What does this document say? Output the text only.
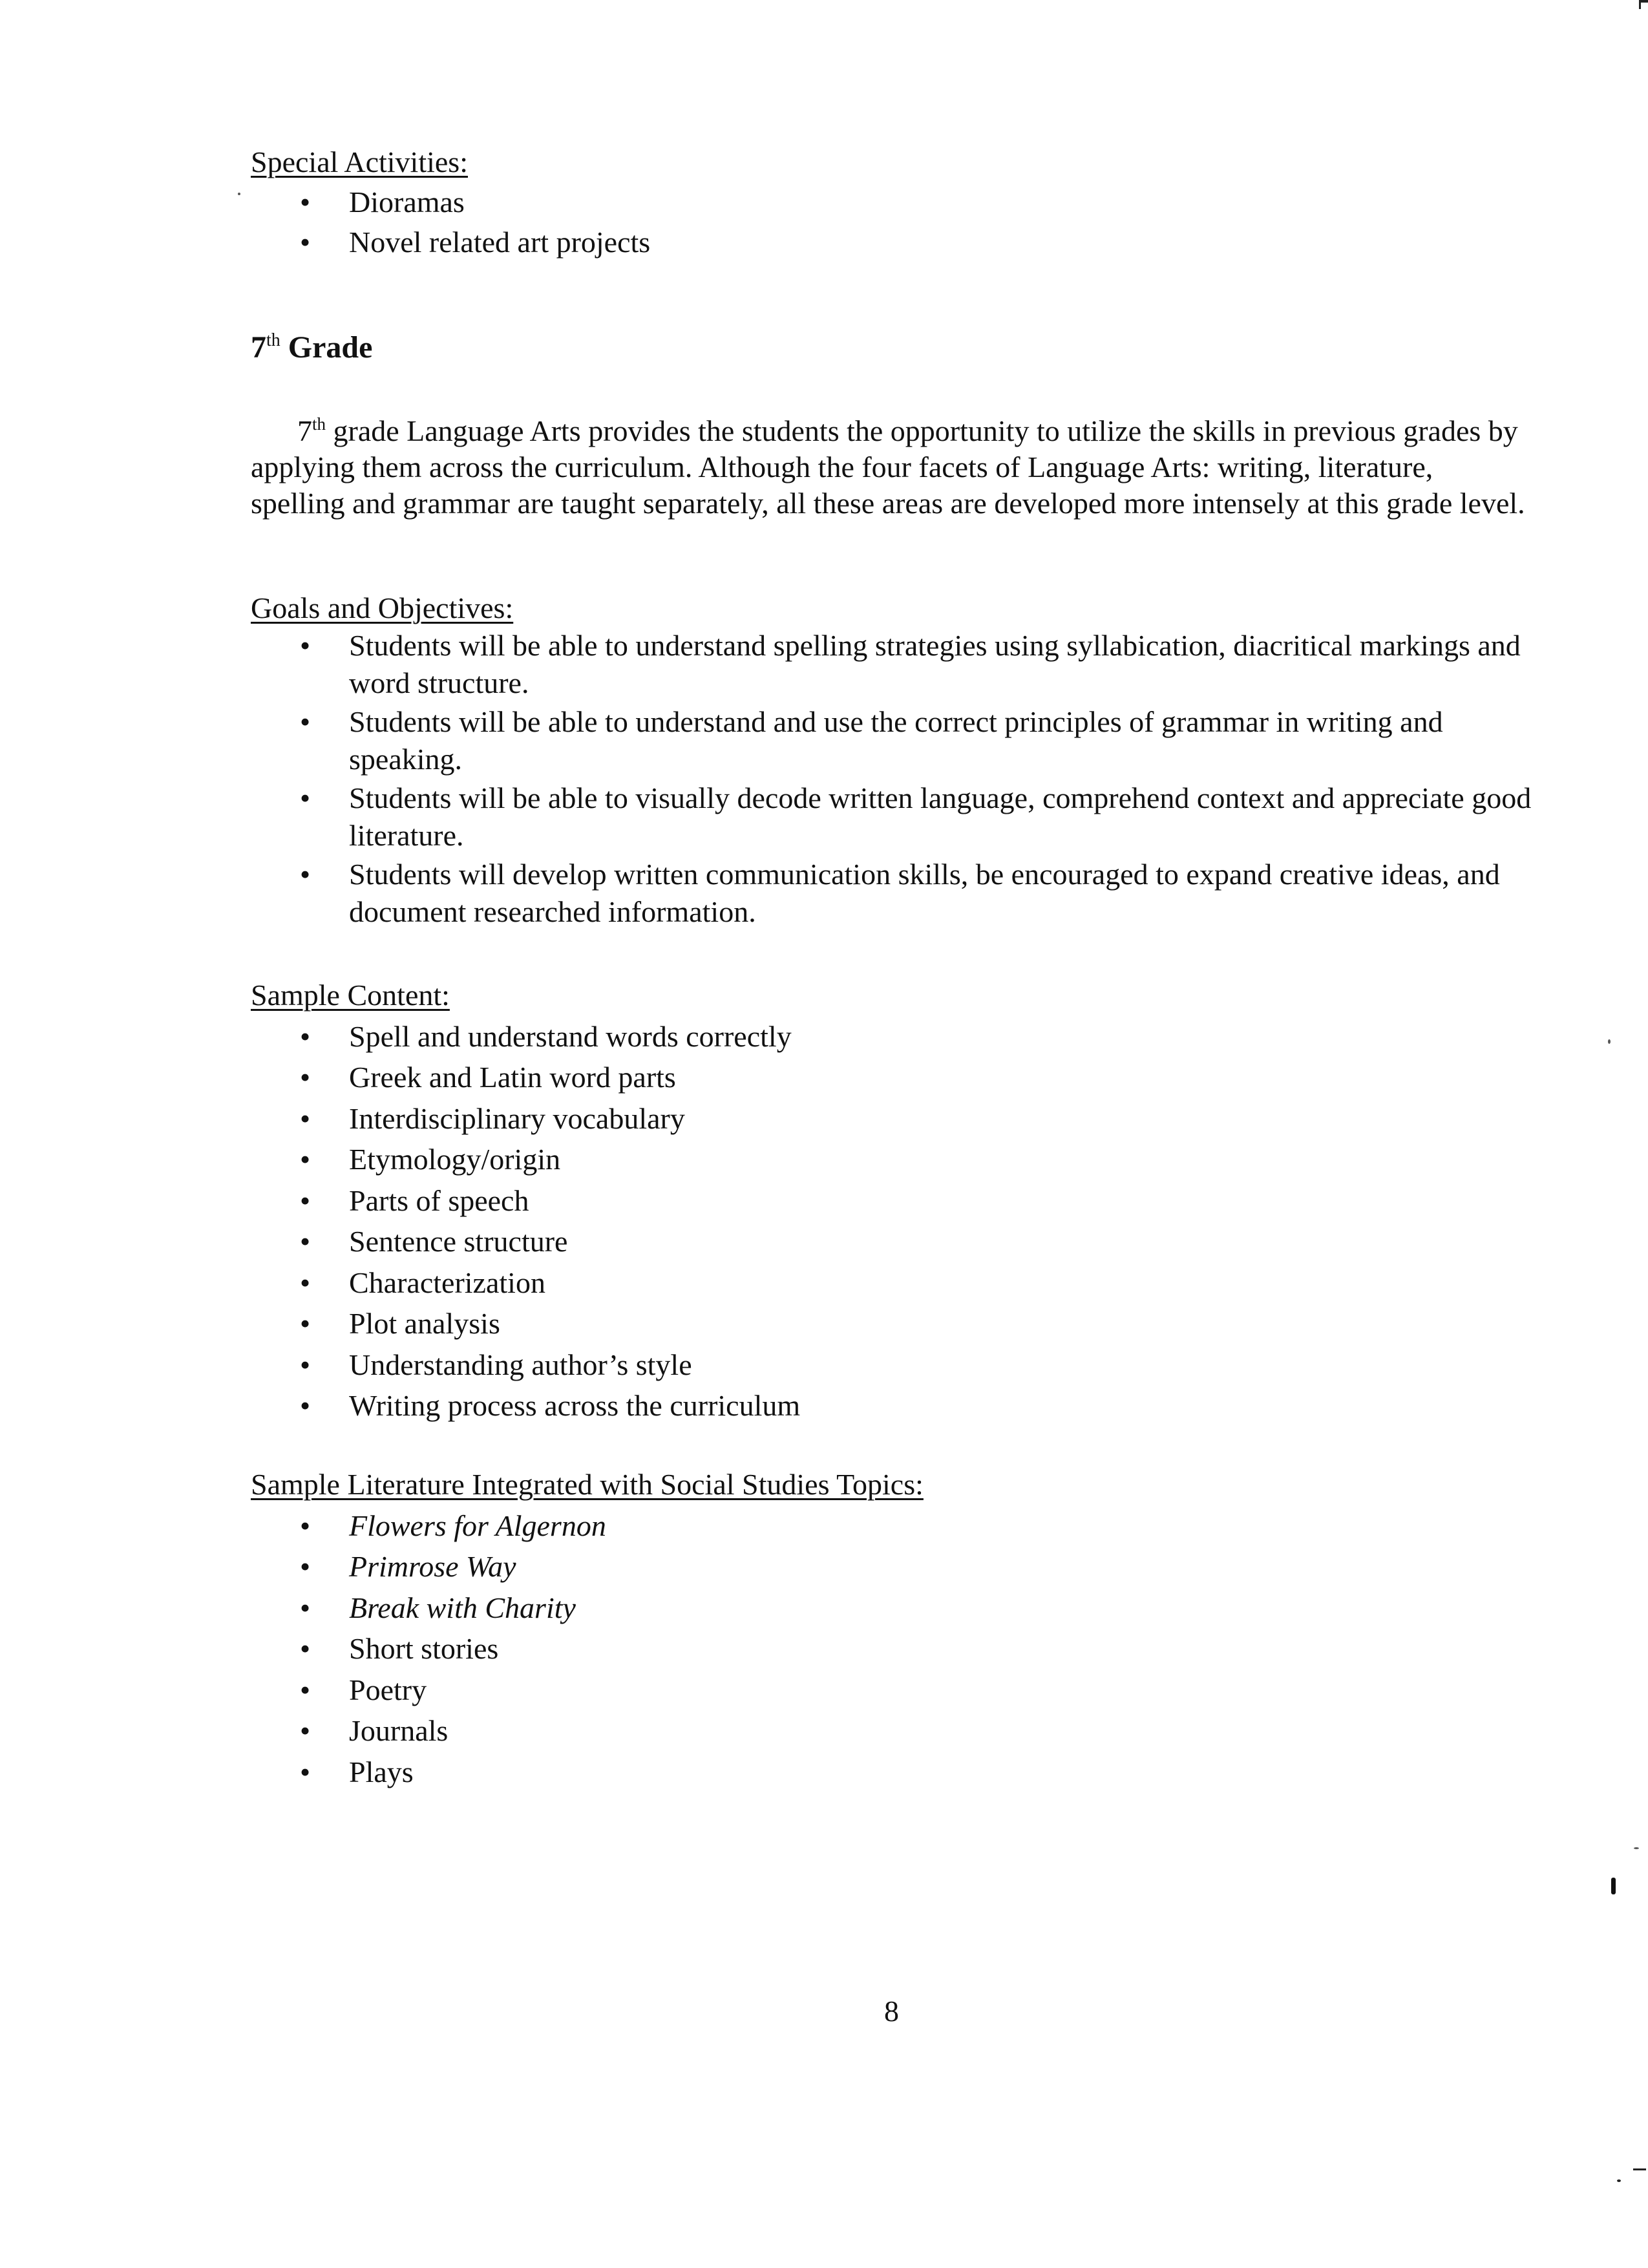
Special Activities:
• Dioramas
• Novel related art projects
7th Grade
7th grade Language Arts provides the students the opportunity to utilize the skills in previous grades by applying them across the curriculum. Although the four facets of Language Arts: writing, literature, spelling and grammar are taught separately, all these areas are developed more intensely at this grade level.
Goals and Objectives:
• Students will be able to understand spelling strategies using syllabication, diacritical markings and word structure.
• Students will be able to understand and use the correct principles of grammar in writing and speaking.
• Students will be able to visually decode written language, comprehend context and appreciate good literature.
• Students will develop written communication skills, be encouraged to expand creative ideas, and document researched information.
Sample Content:
• Spell and understand words correctly
• Greek and Latin word parts
• Interdisciplinary vocabulary
• Etymology/origin
• Parts of speech
• Sentence structure
• Characterization
• Plot analysis
• Understanding author’s style
• Writing process across the curriculum
Sample Literature Integrated with Social Studies Topics:
• Flowers for Algernon
• Primrose Way
• Break with Charity
• Short stories
• Poetry
• Journals
• Plays
8
